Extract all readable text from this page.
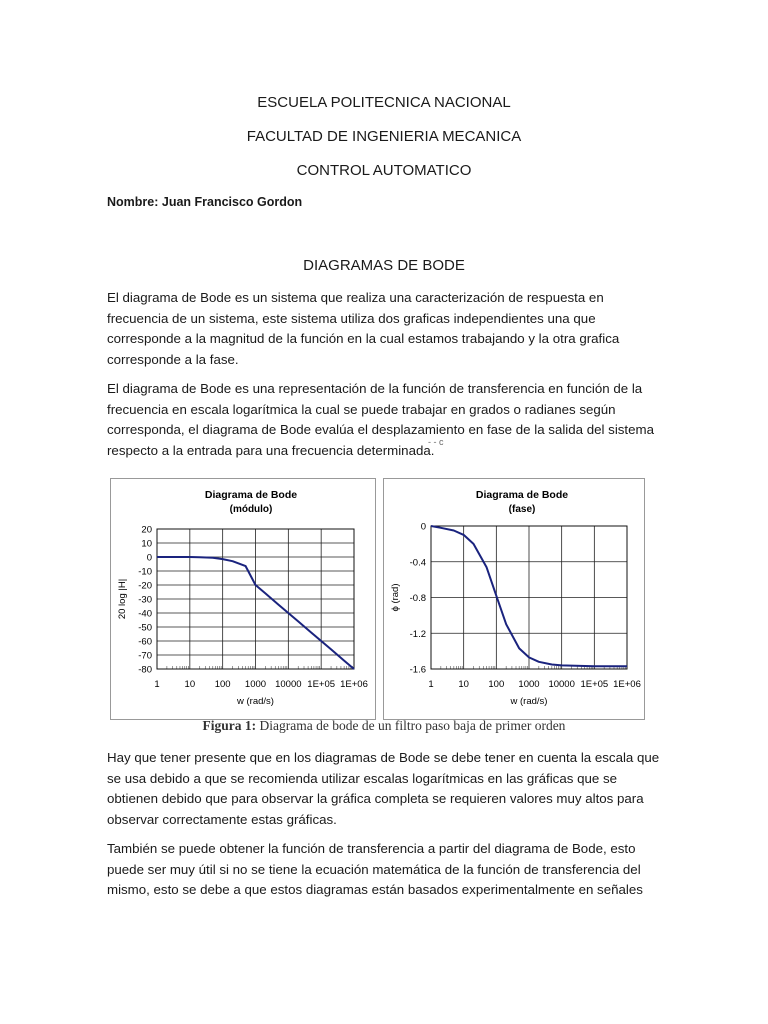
ESCUELA POLITECNICA NACIONAL
FACULTAD DE INGENIERIA MECANICA
CONTROL AUTOMATICO
Nombre: Juan Francisco Gordon
DIAGRAMAS DE BODE

El diagrama de Bode es un sistema que realiza una caracterización de respuesta en frecuencia de un sistema, este sistema utiliza dos graficas independientes una que corresponde a la magnitud de la función en la cual estamos trabajando y la otra grafica corresponde a la fase.

El diagrama de Bode es una representación de la función de transferencia en función de la frecuencia en escala logarítmica la cual se puede trabajar en grados o radianes según corresponda, el diagrama de Bode evalúa el desplazamiento en fase de la salida del sistema respecto a la entrada para una frecuencia determinada.

- - c
Diagrama de Bode
(módulo)
20
10
0
-10
-20
-30
-40
-50
-60
-70
-80
1	10 100 1000 10000 1E+05 1E+06
w (rad/s)
20 log |H|
Diagrama de Bode
(fase)
0
-0.4
-0.8
-1.2
-1.6
1	10 100 1000 10000 1E+05 1E+06
w (rad/s)
ϕ (rad)
Figura 1: Diagrama de bode de un filtro paso baja de primer orden

Hay que tener presente que en los diagramas de Bode se debe tener en cuenta la escala que se usa debido a que se recomienda utilizar escalas logarítmicas en las gráficas que se obtienen debido que para observar la gráfica completa se requieren valores muy altos para observar correctamente estas gráficas.

También se puede obtener la función de transferencia a partir del diagrama de Bode, esto puede ser muy útil si no se tiene la ecuación matemática de la función de transferencia del mismo, esto se debe a que estos diagramas están basados experimentalmente en señales
